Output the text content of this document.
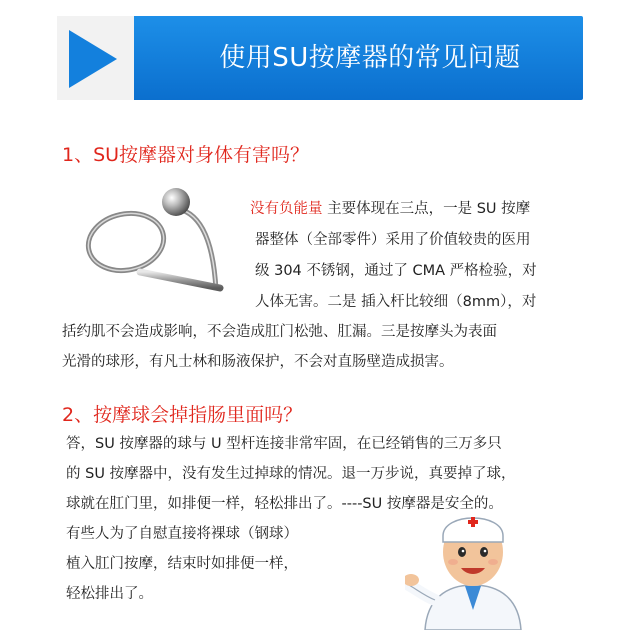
使用SU按摩器的常见问题
1、SU按摩器对身体有害吗？
没有负能量 主要体现在三点，一是 SU 按摩
器整体（全部零件）采用了价值较贵的医用
级 304 不锈钢，通过了 CMA 严格检验，对
人体无害。二是 插入杆比较细（8mm），对
括约肌不会造成影响，不会造成肛门松弛、肛漏。三是按摩头为表面
光滑的球形，有凡士林和肠液保护，不会对直肠壁造成损害。
2、按摩球会掉指肠里面吗？
答，SU 按摩器的球与 U 型杆连接非常牢固，在已经销售的三万多只
的 SU 按摩器中，没有发生过掉球的情况。退一万步说，真要掉了球，
球就在肛门里，如排便一样，轻松排出了。----SU 按摩器是安全的。
有些人为了自慰直接将裸球（钢球）
植入肛门按摩，结束时如排便一样，
轻松排出了。
